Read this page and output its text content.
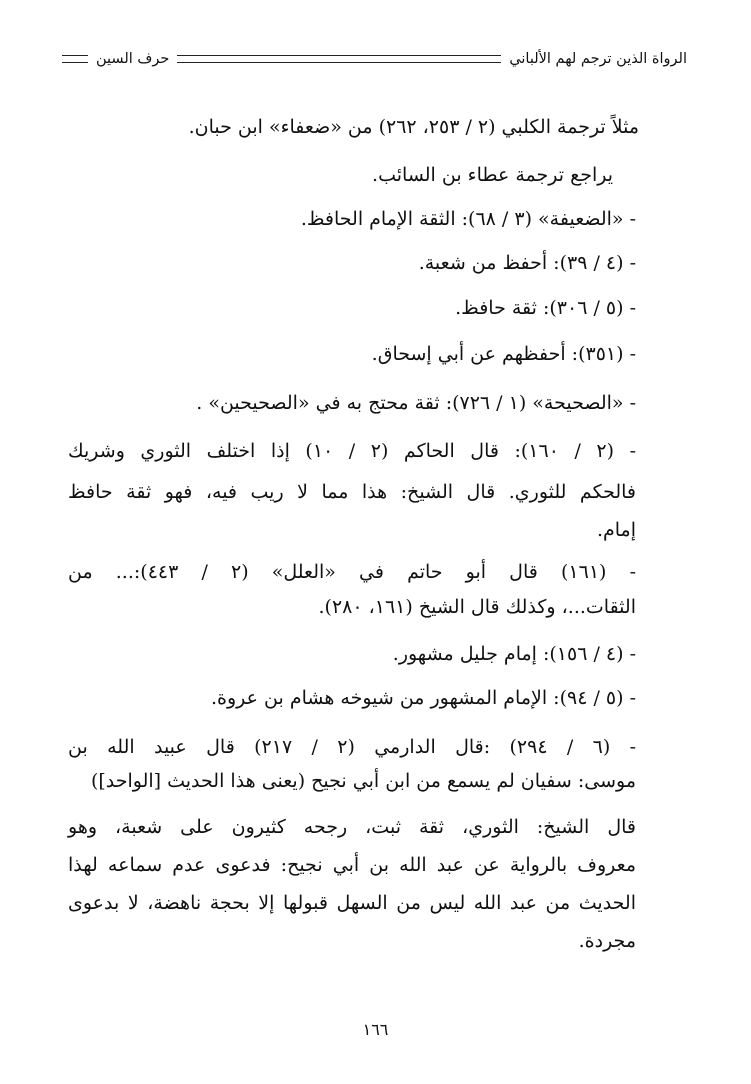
الرواة الذين ترجم لهم الألباني
حرف السين
مثلاً ترجمة الكلبي (٢ / ٢٥٣، ٢٦٢) من «ضعفاء» ابن حبان.
يراجع ترجمة عطاء بن السائب.
- «الضعيفة» (٣ / ٦٨): الثقة الإمام الحافظ.
- (٤ / ٣٩): أحفظ من شعبة.
- (٥ / ٣٠٦): ثقة حافظ.
- (٣٥١): أحفظهم عن أبي إسحاق.
- «الصحيحة» (١ / ٧٢٦): ثقة محتج به في «الصحيحين» .
- (٢ / ١٦٠): قال الحاكم (٢ / ١٠) إذا اختلف الثوري وشريك
فالحكم للثوري. قال الشيخ: هذا مما لا ريب فيه، فهو ثقة حافظ
إمام.
- (١٦١) قال أبو حاتم في «العلل» (٢ / ٤٤٣):... من
الثقات...، وكذلك قال الشيخ (١٦١، ٢٨٠).
- (٤ / ١٥٦): إمام جليل مشهور.
- (٥ / ٩٤): الإمام المشهور من شيوخه هشام بن عروة.
- (٦ / ٢٩٤) :قال الدارمي (٢ / ٢١٧) قال عبيد الله بن
موسى: سفيان لم يسمع من ابن أبي نجيح (يعنى هذا الحديث [الواحد])
قال الشيخ: الثوري، ثقة ثبت، رجحه كثيرون على شعبة، وهو
معروف بالرواية عن عبد الله بن أبي نجيح: فدعوى عدم سماعه لهذا
الحديث من عبد الله ليس من السهل قبولها إلا بحجة ناهضة، لا بدعوى
مجردة.
١٦٦
